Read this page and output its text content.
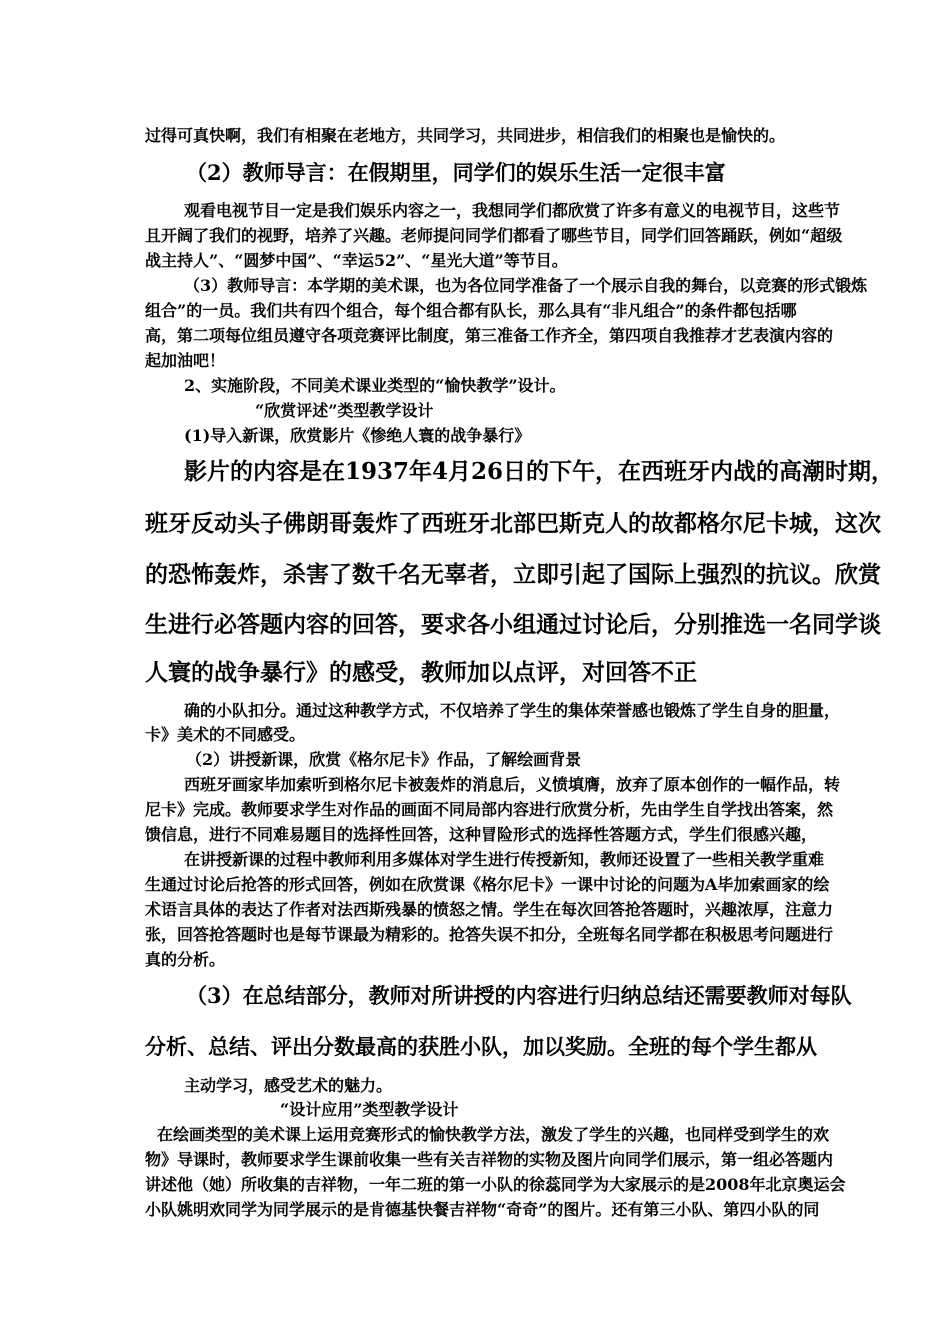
过得可真快啊，我们有相聚在老地方，共同学习，共同进步，相信我们的相聚也是愉快的。
（2）教师导言：在假期里，同学们的娱乐生活一定很丰富
观看电视节目一定是我们娱乐内容之一，我想同学们都欣赏了许多有意义的电视节目，这些节
且开阔了我们的视野，培养了兴趣。老师提问同学们都看了哪些节目，同学们回答踊跃，例如“超级
战主持人”、“圆梦中国”、“幸运52”、“星光大道”等节目。
（3）教师导言：本学期的美术课，也为各位同学准备了一个展示自我的舞台，以竞赛的形式锻炼
组合”的一员。我们共有四个组合，每个组合都有队长，那么具有“非凡组合”的条件都包括哪
高，第二项每位组员遵守各项竞赛评比制度，第三准备工作齐全，第四项自我推荐才艺表演内容的
起加油吧！
2、实施阶段，不同美术课业类型的“愉快教学”设计。
“欣赏评述”类型教学设计
(1)导入新课，欣赏影片《惨绝人寰的战争暴行》
影片的内容是在1937年4月26日的下午，在西班牙内战的高潮时期，
班牙反动头子佛朗哥轰炸了西班牙北部巴斯克人的故都格尔尼卡城，这次
的恐怖轰炸，杀害了数千名无辜者，立即引起了国际上强烈的抗议。欣赏
生进行必答题内容的回答，要求各小组通过讨论后，分别推选一名同学谈
人寰的战争暴行》的感受，教师加以点评，对回答不正
确的小队扣分。通过这种教学方式，不仅培养了学生的集体荣誉感也锻炼了学生自身的胆量，
卡》美术的不同感受。
（2）讲授新课，欣赏《格尔尼卡》作品，了解绘画背景
西班牙画家毕加索听到格尔尼卡被轰炸的消息后，义愤填膺，放弃了原本创作的一幅作品，转
尼卡》完成。教师要求学生对作品的画面不同局部内容进行欣赏分析，先由学生自学找出答案，然
馈信息，进行不同难易题目的选择性回答，这种冒险形式的选择性答题方式，学生们很感兴趣，
在讲授新课的过程中教师利用多媒体对学生进行传授新知，教师还设置了一些相关教学重难
生通过讨论后抢答的形式回答，例如在欣赏课《格尔尼卡》一课中讨论的问题为A毕加索画家的绘
术语言具体的表达了作者对法西斯残暴的愤怒之情。学生在每次回答抢答题时，兴趣浓厚，注意力
张，回答抢答题时也是每节课最为精彩的。抢答失误不扣分，全班每名同学都在积极思考问题进行
真的分析。
（3）在总结部分，教师对所讲授的内容进行归纳总结还需要教师对每队
分析、总结、评出分数最高的获胜小队，加以奖励。全班的每个学生都从
主动学习，感受艺术的魅力。
“设计应用”类型教学设计
在绘画类型的美术课上运用竞赛形式的愉快教学方法，激发了学生的兴趣，也同样受到学生的欢
物》导课时，教师要求学生课前收集一些有关吉祥物的实物及图片向同学们展示，第一组必答题内
讲述他（她）所收集的吉祥物，一年二班的第一小队的徐蕊同学为大家展示的是2008年北京奥运会
小队姚明欢同学为同学展示的是肯德基快餐吉祥物“奇奇”的图片。还有第三小队、第四小队的同
